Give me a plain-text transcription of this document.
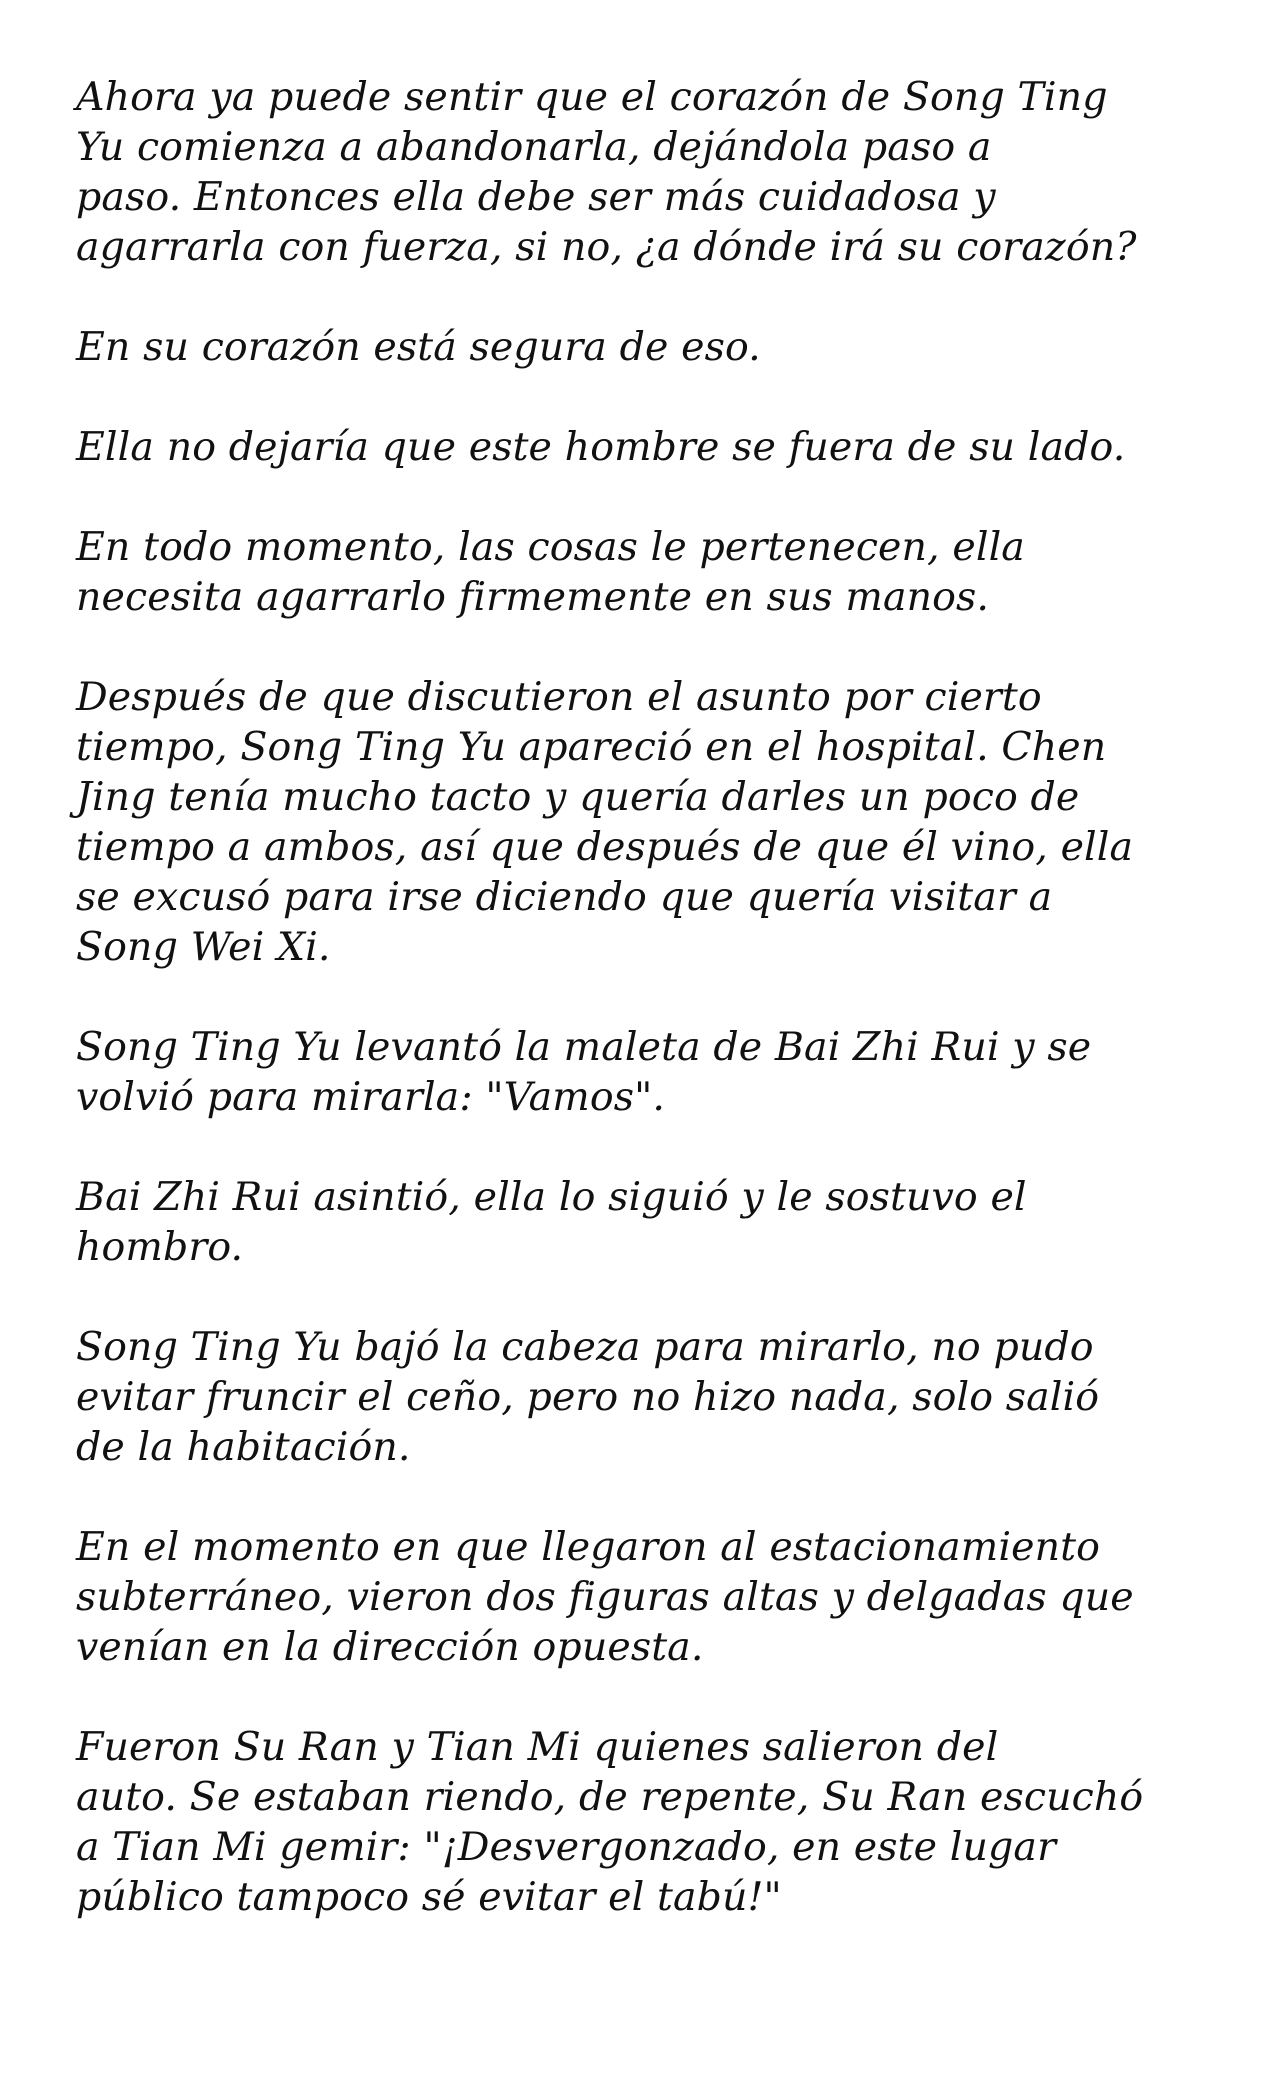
Ahora ya puede sentir que el corazón de Song Ting
Yu comienza a abandonarla, dejándola paso a
paso. Entonces ella debe ser más cuidadosa y
agarrarla con fuerza, si no, ¿a dónde irá su corazón?

En su corazón está segura de eso.

Ella no dejaría que este hombre se fuera de su lado.

En todo momento, las cosas le pertenecen, ella
necesita agarrarlo firmemente en sus manos.

Después de que discutieron el asunto por cierto
tiempo, Song Ting Yu apareció en el hospital. Chen
Jing tenía mucho tacto y quería darles un poco de
tiempo a ambos, así que después de que él vino, ella
se excusó para irse diciendo que quería visitar a
Song Wei Xi.

Song Ting Yu levantó la maleta de Bai Zhi Rui y se
volvió para mirarla: "Vamos".

Bai Zhi Rui asintió, ella lo siguió y le sostuvo el
hombro.

Song Ting Yu bajó la cabeza para mirarlo, no pudo
evitar fruncir el ceño, pero no hizo nada, solo salió
de la habitación.

En el momento en que llegaron al estacionamiento
subterráneo, vieron dos figuras altas y delgadas que
venían en la dirección opuesta.

Fueron Su Ran y Tian Mi quienes salieron del
auto. Se estaban riendo, de repente, Su Ran escuchó
a Tian Mi gemir: "¡Desvergonzado, en este lugar
público tampoco sé evitar el tabú!"
